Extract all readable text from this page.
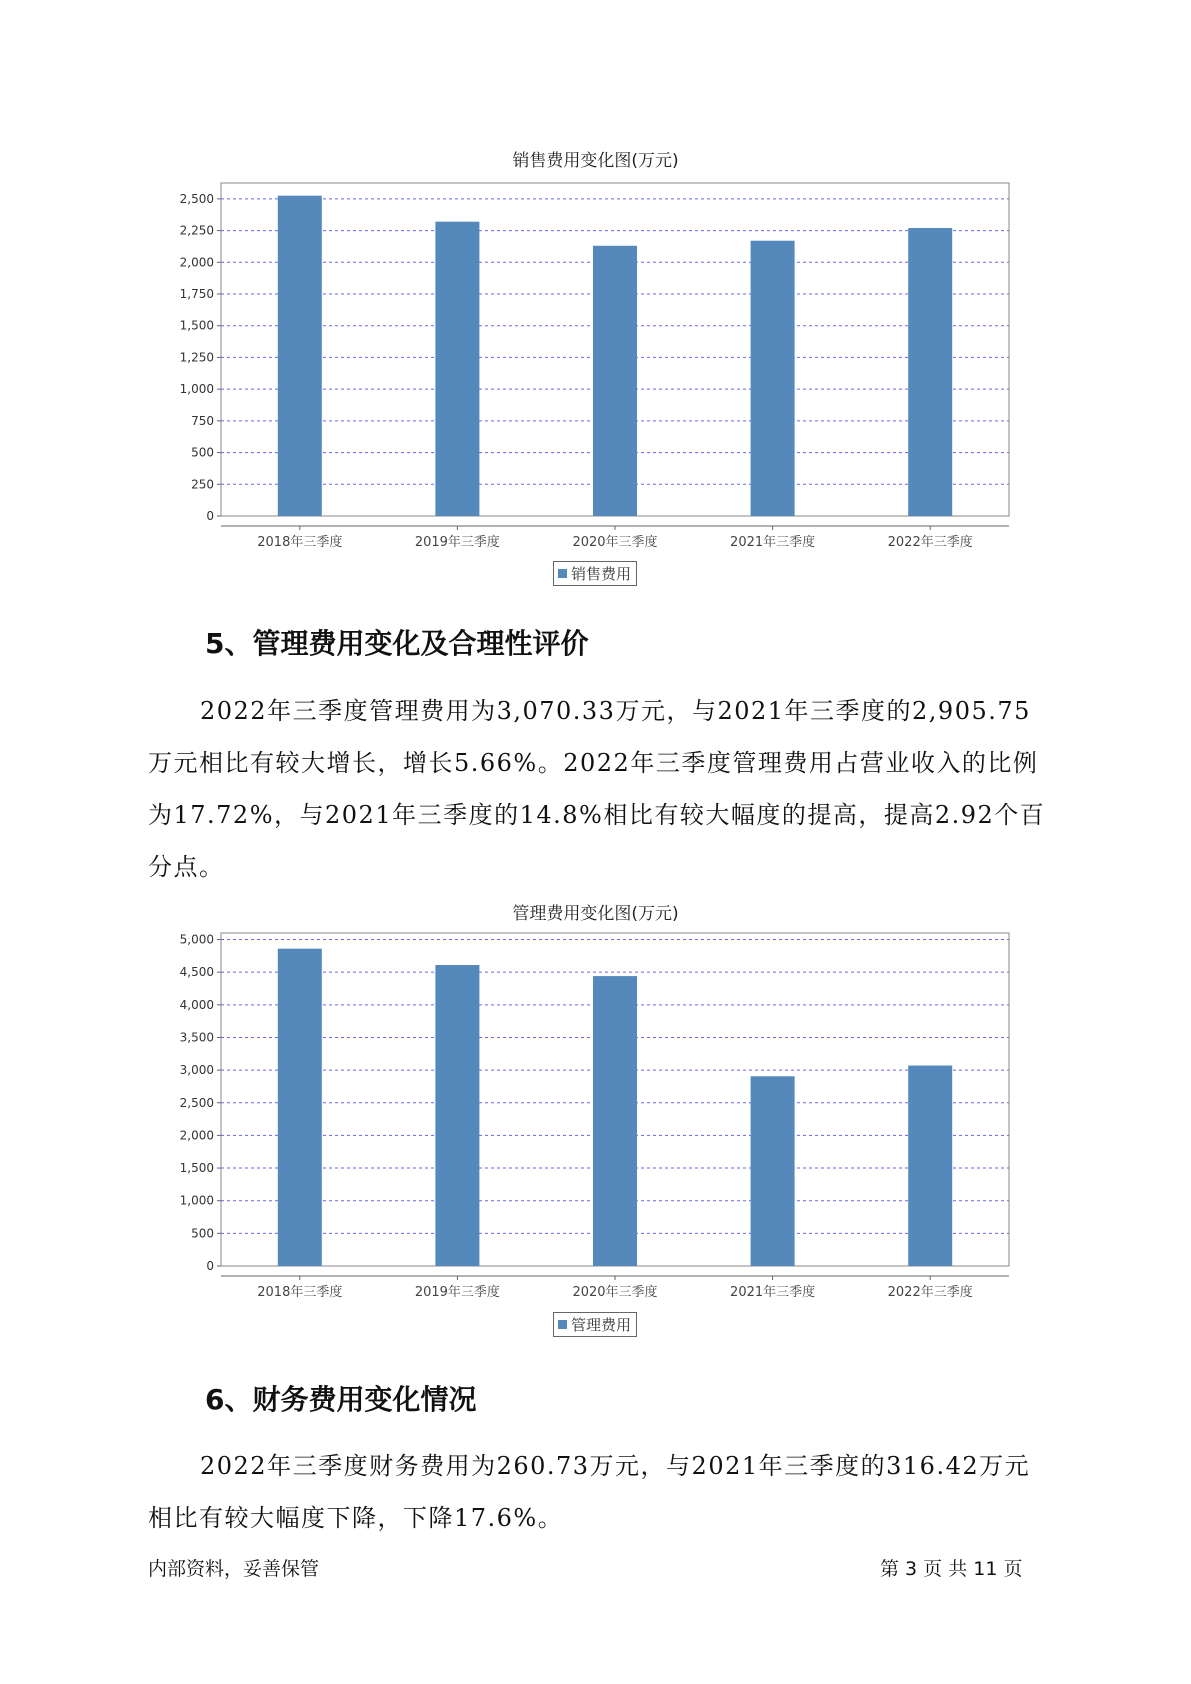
销售费用变化图(万元)
0
250
500
750
1,000
1,250
1,500
1,750
2,000
2,250
2,500
2018年三季度	2019年三季度	2020年三季度	2021年三季度	2022年三季度
销售费用
5、管理费用变化及合理性评价

2022年三季度管理费用为3,070.33万元，与2021年三季度的2,905.75万元相比有较大增长，增长5.66%。2022年三季度管理费用占营业收入的比例为17.72%，与2021年三季度的14.8%相比有较大幅度的提高，提高2.92个百分点。

管理费用变化图(万元)
0
500
1,000
1,500
2,000
2,500
3,000
3,500
4,000
4,500
5,000
2018年三季度	2019年三季度	2020年三季度	2021年三季度	2022年三季度
管理费用
6、财务费用变化情况

2022年三季度财务费用为260.73万元，与2021年三季度的316.42万元相比有较大幅度下降，下降17.6%。

内部资料，妥善保管	第 3 页 共 11 页
